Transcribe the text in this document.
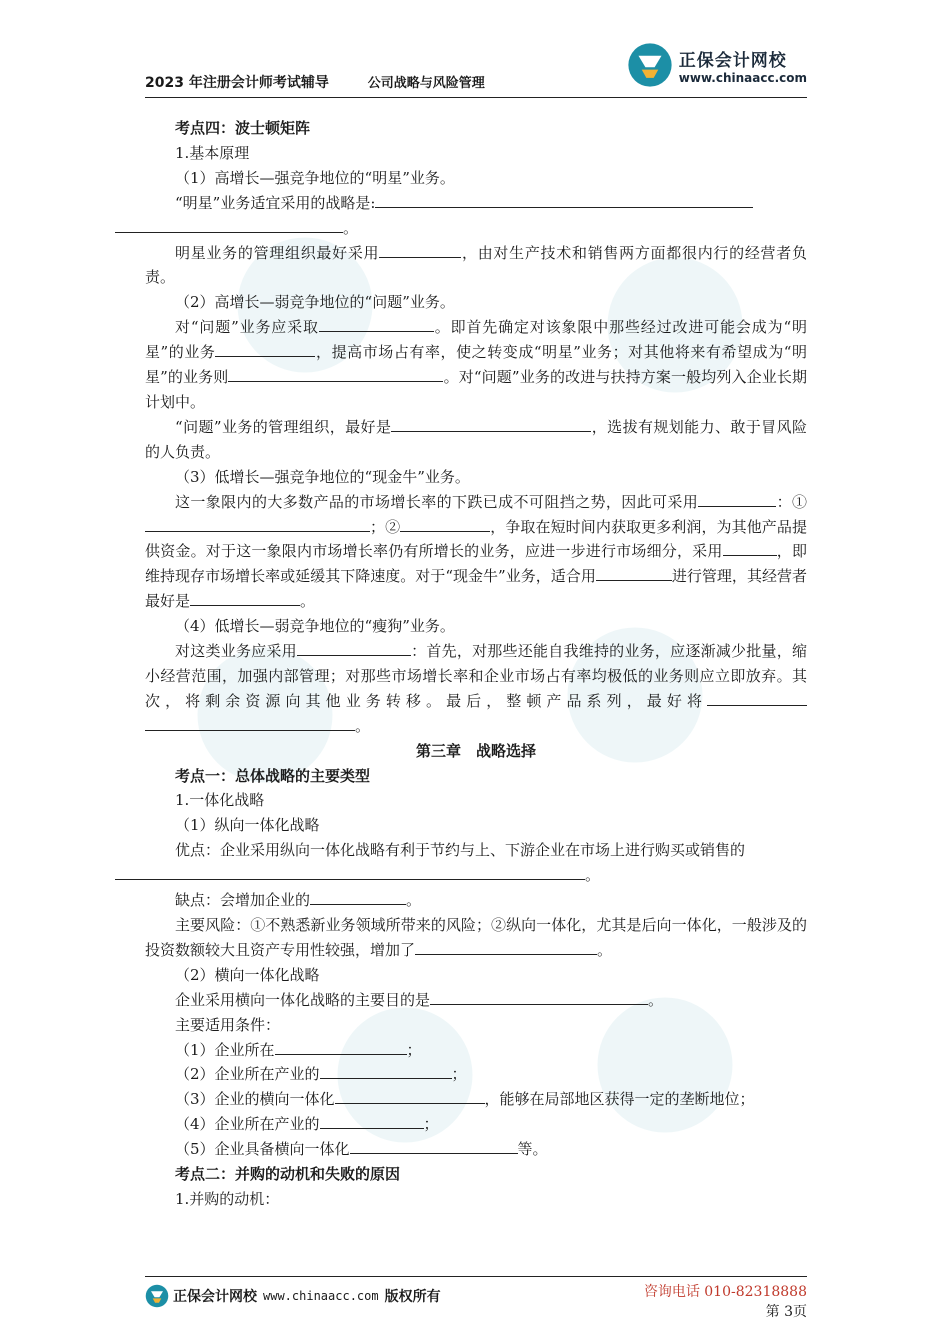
2023 年注册会计师考试辅导	公司战略与风险管理
正保会计网校
www.chinaacc.com
考点四：波士顿矩阵
1.基本原理
（1）高增长—强竞争地位的“明星”业务。
“明星”业务适宜采用的战略是:
。
明星业务的管理组织最好采用	，由对生产技术和销售两方面都很内行的经营者负责。
（2）高增长—弱竞争地位的“问题”业务。
对“问题”业务应采取	。即首先确定对该象限中那些经过改进可能会成为“明星”的业务	，提高市场占有率，使之转变成“明星”业务；对其他将来有希望成为“明星”的业务则	。对“问题”业务的改进与扶持方案一般均列入企业长期计划中。
“问题”业务的管理组织，最好是	，选拔有规划能力、敢于冒风险的人负责。
（3）低增长—强竞争地位的“现金牛”业务。
这一象限内的大多数产品的市场增长率的下跌已成不可阻挡之势，因此可采用	：①；②	，争取在短时间内获取更多利润，为其他产品提供资金。对于这一象限内市场增长率仍有所增长的业务，应进一步进行市场细分，采用	，即维持现存市场增长率或延缓其下降速度。对于“现金牛”业务，适合用	进行管理，其经营者最好是	。
（4）低增长—弱竞争地位的“瘦狗”业务。
对这类业务应采用	：首先，对那些还能自我维持的业务，应逐渐减少批量，缩小经营范围，加强内部管理；对那些市场增长率和企业市场占有率均极低的业务则应立即放弃。其次，将剩余资源向其他业务转移。最后，整顿产品系列，最好将。
第三章　战略选择
考点一：总体战略的主要类型
1.一体化战略
（1）纵向一体化战略
优点：企业采用纵向一体化战略有利于节约与上、下游企业在市场上进行购买或销售的
。
缺点：会增加企业的	。
主要风险：①不熟悉新业务领域所带来的风险；②纵向一体化，尤其是后向一体化，一般涉及的投资数额较大且资产专用性较强，增加了	。
（2）横向一体化战略
企业采用横向一体化战略的主要目的是	。
主要适用条件：
（1）企业所在	；
（2）企业所在产业的	；
（3）企业的横向一体化	，能够在局部地区获得一定的垄断地位；
（4）企业所在产业的	；
（5）企业具备横向一体化	等。
考点二：并购的动机和失败的原因
1.并购的动机：
正保会计网校 www.chinaacc.com 版权所有	咨询电话 010-82318888
第 3页
